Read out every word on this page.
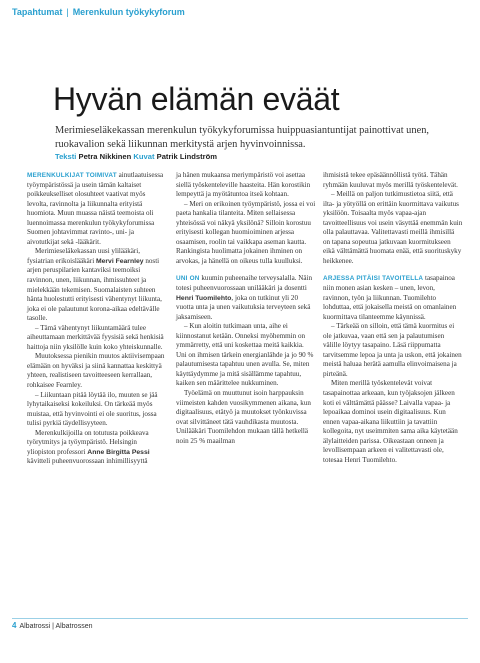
Tapahtumat | Merenkulun työkykyforum
Hyvän elämän eväät

Merimieseläkekassan merenkulun työkykyforumissa huippuasiantuntijat painottivat unen, ruokavalion sekä liikunnan merkitystä arjen hyvinvoinnissa.

Teksti Petra Nikkinen Kuvat Patrik Lindström

MERENKULKIJAT TOIMIVAT ainutlaatuisessa työympäristössä ja usein tämän kaltaiset poikkeukselliset olosuhteet vaativat myös levolta, ravinnolta ja liikunnalta erityistä huomiota. Muun muassa näistä teemoista oli luennoimassa merenkulun työkykyforumissa Suomen johtavimmat ravinto-, uni- ja aivotutkijat sekä -lääkärit.

Merimieseläkekassan uusi ylilääkäri, fysiatrian erikoislääkäri Mervi Fearnley nosti arjen peruspilarien kantaviksi teemoiksi ravinnon, unen, liikunnan, ihmissuhteet ja mielekkään tekemisen. Suomalaisten suhteen hänta huolestutti erityisesti vähentynyt liikunta, joka ei ole palautunut korona-aikaa edeltävälle tasolle.

– Tämä vähentynyt liikuntamäärä tulee aiheuttamaan merkittävää fyysisiä sekä henkisiä haittoja niin yksilölle kuin koko yhteiskunnalle.

Muutoksessa pienikin muutos aktiivisempaan elämään on hyväksi ja siinä kannattaa keskittyä yhteen, realistiseen tavoitteeseen kerrallaan, rohkaisee Fearnley.

– Liikuntaan pitää löytää ilo, muuten se jää lyhytaikaiseksi kokeiluksi. On tärkeää myös muistaa, että hyvinvointi ei ole suoritus, jossa tulisi pyrkiä täydellisyyteen.

Merenkulkijoilla on totutusta poikkeava työrytmitys ja työympäristö. Helsingin yliopiston professori Anne Birgitta Pessi kävitteli puheenvuorossaan inhimillisyyttä

ja hänen mukaansa meriympäristö voi asettaa siellä työskenteleville haasteita. Hän korostikin lempeyttä ja myötätuntoa itseä kohtaan.

– Meri on erikoinen työympäristö, jossa ei voi paeta hankalia tilanteita. Miten sellaisessa yhteisössä voi näkyä yksilönä? Silloin korostuu erityisesti kollegan huomioiminen arjessa osaamisen, roolin tai vaikkapa aseman kautta. Rankingista huolimatta jokainen ihminen on arvokas, ja hänellä on oikeus tulla kuulluksi.

UNI ON kuumin puheenaihe terveysalalla. Näin totesi puheenvuorossaan unilääkäri ja dosentti Henri Tuomilehto, joka on tutkinut yli 20 vuotta unta ja unen vaikutuksia terveyteen sekä jaksamiseen.

– Kun aloitin tutkimaan unta, aihe ei kiinnostanut ketään. Onneksi myöhemmin on ymmärretty, että uni koskettaa meitä kaikkia. Uni on ihmisen tärkein energianlähde ja jo 90 % palautumisesta tapahtuu unen avulla. Se, miten käyttäydymme ja mitä sisällämme tapahtuu, kaiken sen määrittelee nukkuminen.

Työelämä on muuttunut isoin harppauksin viimeisten kahden vuosikymmenen aikana, kun digitaalisuus, etätyö ja muutokset työnkuvissa ovat silvittäneet tätä vauhdikasta muutosta. Unilääkäri Tuomilehdon mukaan tällä hetkellä noin 25 % maailman

ihmisistä tekee epäsäännöllistä työtä. Tähän ryhmään kuuluvat myös merillä työskentelevät.

– Meillä on paljon tutkimustietoa siitä, että iltа- ja yötyöllä on erittäin kuormittava vaikutus yksilöön. Toisaalta myös vapaa-ajan tavoitteellisuus voi usein väsyttää enemmän kuin olla palauttavaa. Valitettavasti meillä ihmisillä on tapana sopeutua jatkuvaan kuormitukseen eikä välttämättä huomata enää, että suorituskyky heikkenee.

ARJESSA PITÄISI TAVOITELLA tasapainoa niin monen asian kesken – unen, levon, ravinnon, työn ja liikunnan. Tuomilehto lohduttaa, että jokaisella meistä on omanlainen kuormittava tilanteemme käynnissä.

– Tärkeää on silloin, että tämä kuormitus ei ole jatkuvaa, vaan että sen ja palautumisen välille löytyy tasapaino. Läsä riippumatta tarvitsemme lepoa ja unta ja uskon, että jokainen meistä haluaa herätä aamulla elinvoimaisena ja pirteänä.

Miten merillä työskentelevät voivat tasapainottaa arkeaan, kun työjaksojen jälkeen koti ei välttämättä päässe? Laivalla vapaa- ja lepoaikaa dominoi usein digitaalisuus. Kun ennen vapaa-aikana liikuttiin ja tavattiin kollegoita, nyt useimmiten sama aika käytetään älylaitteiden parissa. Oikeastaan onneen ja levollisempaan arkeen ei valitettavasti ole, totesaa Henri Tuomilehto.

4 Albatrossi | Albatrossen
